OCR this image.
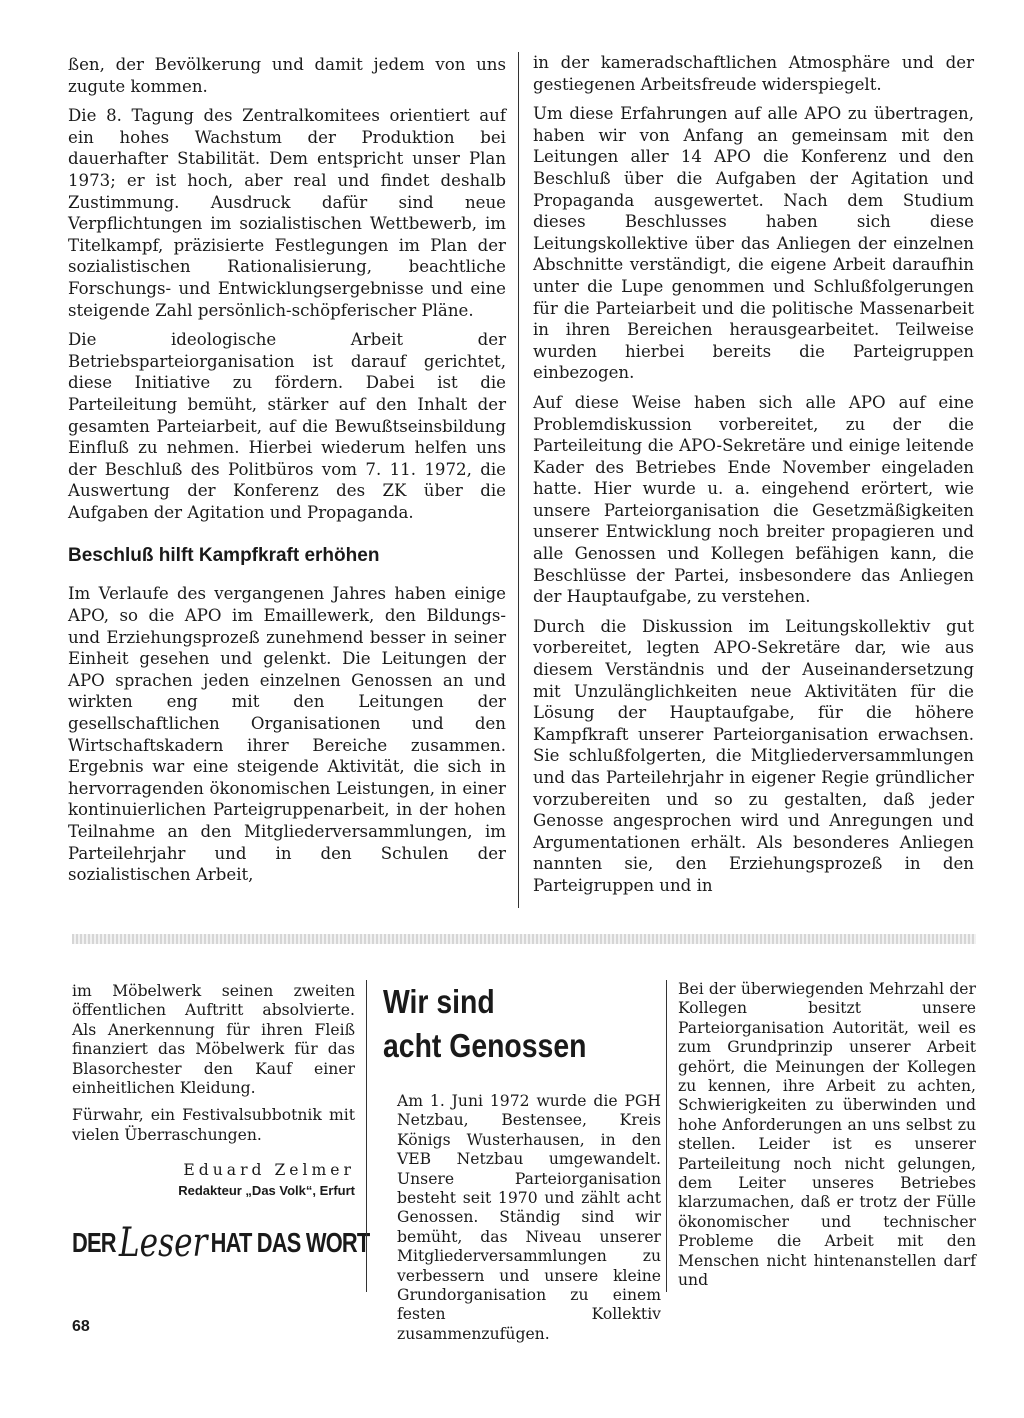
ßen, der Bevölkerung und damit jedem von uns zugute kommen.

Die 8. Tagung des Zentralkomitees orientiert auf ein hohes Wachstum der Produktion bei dauerhafter Stabilität. Dem entspricht unser Plan 1973; er ist hoch, aber real und findet deshalb Zustimmung. Ausdruck dafür sind neue Verpflichtungen im sozialistischen Wettbewerb, im Titelkampf, präzisierte Festlegungen im Plan der sozialistischen Rationalisierung, beachtliche Forschungs- und Entwicklungsergebnisse und eine steigende Zahl persönlich-schöpferischer Pläne.

Die ideologische Arbeit der Betriebsparteiorganisation ist darauf gerichtet, diese Initiative zu fördern. Dabei ist die Parteileitung bemüht, stärker auf den Inhalt der gesamten Parteiarbeit, auf die Bewußtseinsbildung Einfluß zu nehmen. Hierbei wiederum helfen uns der Beschluß des Politbüros vom 7. 11. 1972, die Auswertung der Konferenz des ZK über die Aufgaben der Agitation und Propaganda.

Beschluß hilft Kampfkraft erhöhen

Im Verlaufe des vergangenen Jahres haben einige APO, so die APO im Emaillewerk, den Bildungs- und Erziehungsprozeß zunehmend besser in seiner Einheit gesehen und gelenkt. Die Leitungen der APO sprachen jeden einzelnen Genossen an und wirkten eng mit den Leitungen der gesellschaftlichen Organisationen und den Wirtschaftskadern ihrer Bereiche zusammen. Ergebnis war eine steigende Aktivität, die sich in hervorragenden ökonomischen Leistungen, in einer kontinuierlichen Parteigruppenarbeit, in der hohen Teilnahme an den Mitgliederversammlungen, im Parteilehrjahr und in den Schulen der sozialistischen Arbeit,

in der kameradschaftlichen Atmosphäre und der gestiegenen Arbeitsfreude widerspiegelt.

Um diese Erfahrungen auf alle APO zu übertragen, haben wir von Anfang an gemeinsam mit den Leitungen aller 14 APO die Konferenz und den Beschluß über die Aufgaben der Agitation und Propaganda ausgewertet. Nach dem Studium dieses Beschlusses haben sich diese Leitungskollektive über das Anliegen der einzelnen Abschnitte verständigt, die eigene Arbeit daraufhin unter die Lupe genommen und Schlußfolgerungen für die Parteiarbeit und die politische Massenarbeit in ihren Bereichen herausgearbeitet. Teilweise wurden hierbei bereits die Parteigruppen einbezogen.

Auf diese Weise haben sich alle APO auf eine Problemdiskussion vorbereitet, zu der die Parteileitung die APO-Sekretäre und einige leitende Kader des Betriebes Ende November eingeladen hatte. Hier wurde u. a. eingehend erörtert, wie unsere Parteiorganisation die Gesetzmäßigkeiten unserer Entwicklung noch breiter propagieren und alle Genossen und Kollegen befähigen kann, die Beschlüsse der Partei, insbesondere das Anliegen der Hauptaufgabe, zu verstehen.

Durch die Diskussion im Leitungskollektiv gut vorbereitet, legten APO-Sekretäre dar, wie aus diesem Verständnis und der Auseinandersetzung mit Unzulänglichkeiten neue Aktivitäten für die Lösung der Hauptaufgabe, für die höhere Kampfkraft unserer Parteiorganisation erwachsen. Sie schlußfolgerten, die Mitgliederversammlungen und das Parteilehrjahr in eigener Regie gründlicher vorzubereiten und so zu gestalten, daß jeder Genosse angesprochen wird und Anregungen und Argumentationen erhält. Als besonderes Anliegen nannten sie, den Erziehungsprozeß in den Parteigruppen und in

im Möbelwerk seinen zweiten öffentlichen Auftritt absolvierte. Als Anerkennung für ihren Fleiß finanziert das Möbelwerk für das Blasorchester den Kauf einer einheitlichen Kleidung.

Fürwahr, ein Festivalsubbotnik mit vielen Überraschungen.

Eduard Zelmer
Redakteur „Das Volk“, Erfurt
DER Leser HAT DAS WORT
Wir sind
acht Genossen

Am 1. Juni 1972 wurde die PGH Netzbau, Bestensee, Kreis Königs Wusterhausen, in den VEB Netzbau umgewandelt. Unsere Parteiorganisation besteht seit 1970 und zählt acht Genossen. Ständig sind wir bemüht, das Niveau unserer Mitgliederversammlungen zu verbessern und unsere kleine Grundorganisation zu einem festen Kollektiv zusammenzufügen.

Bei der überwiegenden Mehrzahl der Kollegen besitzt unsere Parteiorganisation Autorität, weil es zum Grundprinzip unserer Arbeit gehört, die Meinungen der Kollegen zu kennen, ihre Arbeit zu achten, Schwierigkeiten zu überwinden und hohe Anforderungen an uns selbst zu stellen. Leider ist es unserer Parteileitung noch nicht gelungen, dem Leiter unseres Betriebes klarzumachen, daß er trotz der Fülle ökonomischer und technischer Probleme die Arbeit mit den Menschen nicht hintenanstellen darf und

68
